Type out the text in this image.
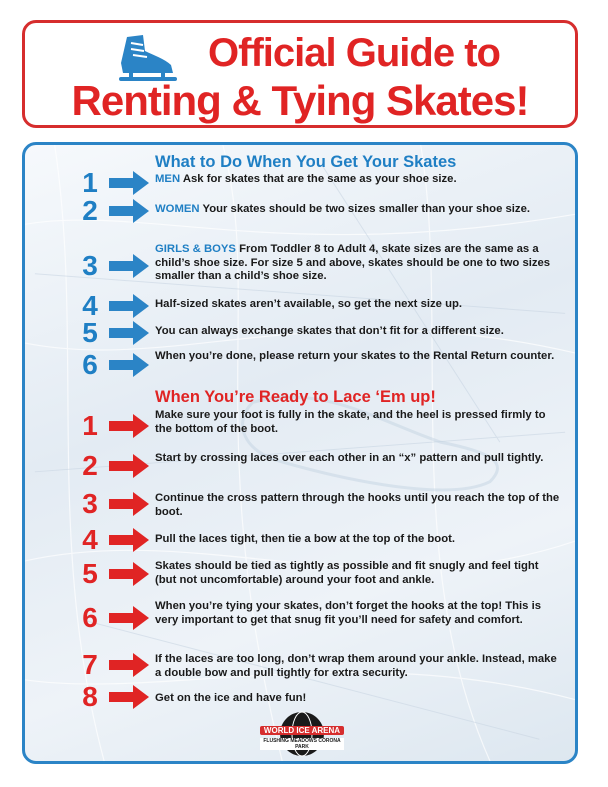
Official Guide to
Renting & Tying Skates!
What to Do When You Get Your Skates
1	MEN Ask for skates that are the same as your shoe size.
2	WOMEN Your skates should be two sizes smaller than your shoe size.
3
GIRLS & BOYS From Toddler 8 to Adult 4, skate sizes are the same as a child’s shoe size. For size 5 and above, skates should be one to two sizes smaller than a child’s shoe size.
4	Half-sized skates aren’t available, so get the next size up.
5	You can always exchange skates that don’t fit for a different size.
6	When you’re done, please return your skates to the Rental Return counter.
When You’re Ready to Lace ‘Em up!
1	Make sure your foot is fully in the skate, and the heel is pressed firmly to the bottom of the boot.
2	Start by crossing laces over each other in an “x” pattern and pull tightly.
3	Continue the cross pattern through the hooks until you reach the top of the boot.
4	Pull the laces tight, then tie a bow at the top of the boot.
5	Skates should be tied as tightly as possible and fit snugly and feel tight (but not uncomfortable) around your foot and ankle.
6	When you’re tying your skates, don’t forget the hooks at the top! This is very important to get that snug fit you’ll need for safety and comfort.
7	If the laces are too long, don’t wrap them around your ankle. Instead, make a double bow and pull tightly for extra security.
8	Get on the ice and have fun!
WORLD ICE ARENA
FLUSHING MEADOWS CORONA PARK
